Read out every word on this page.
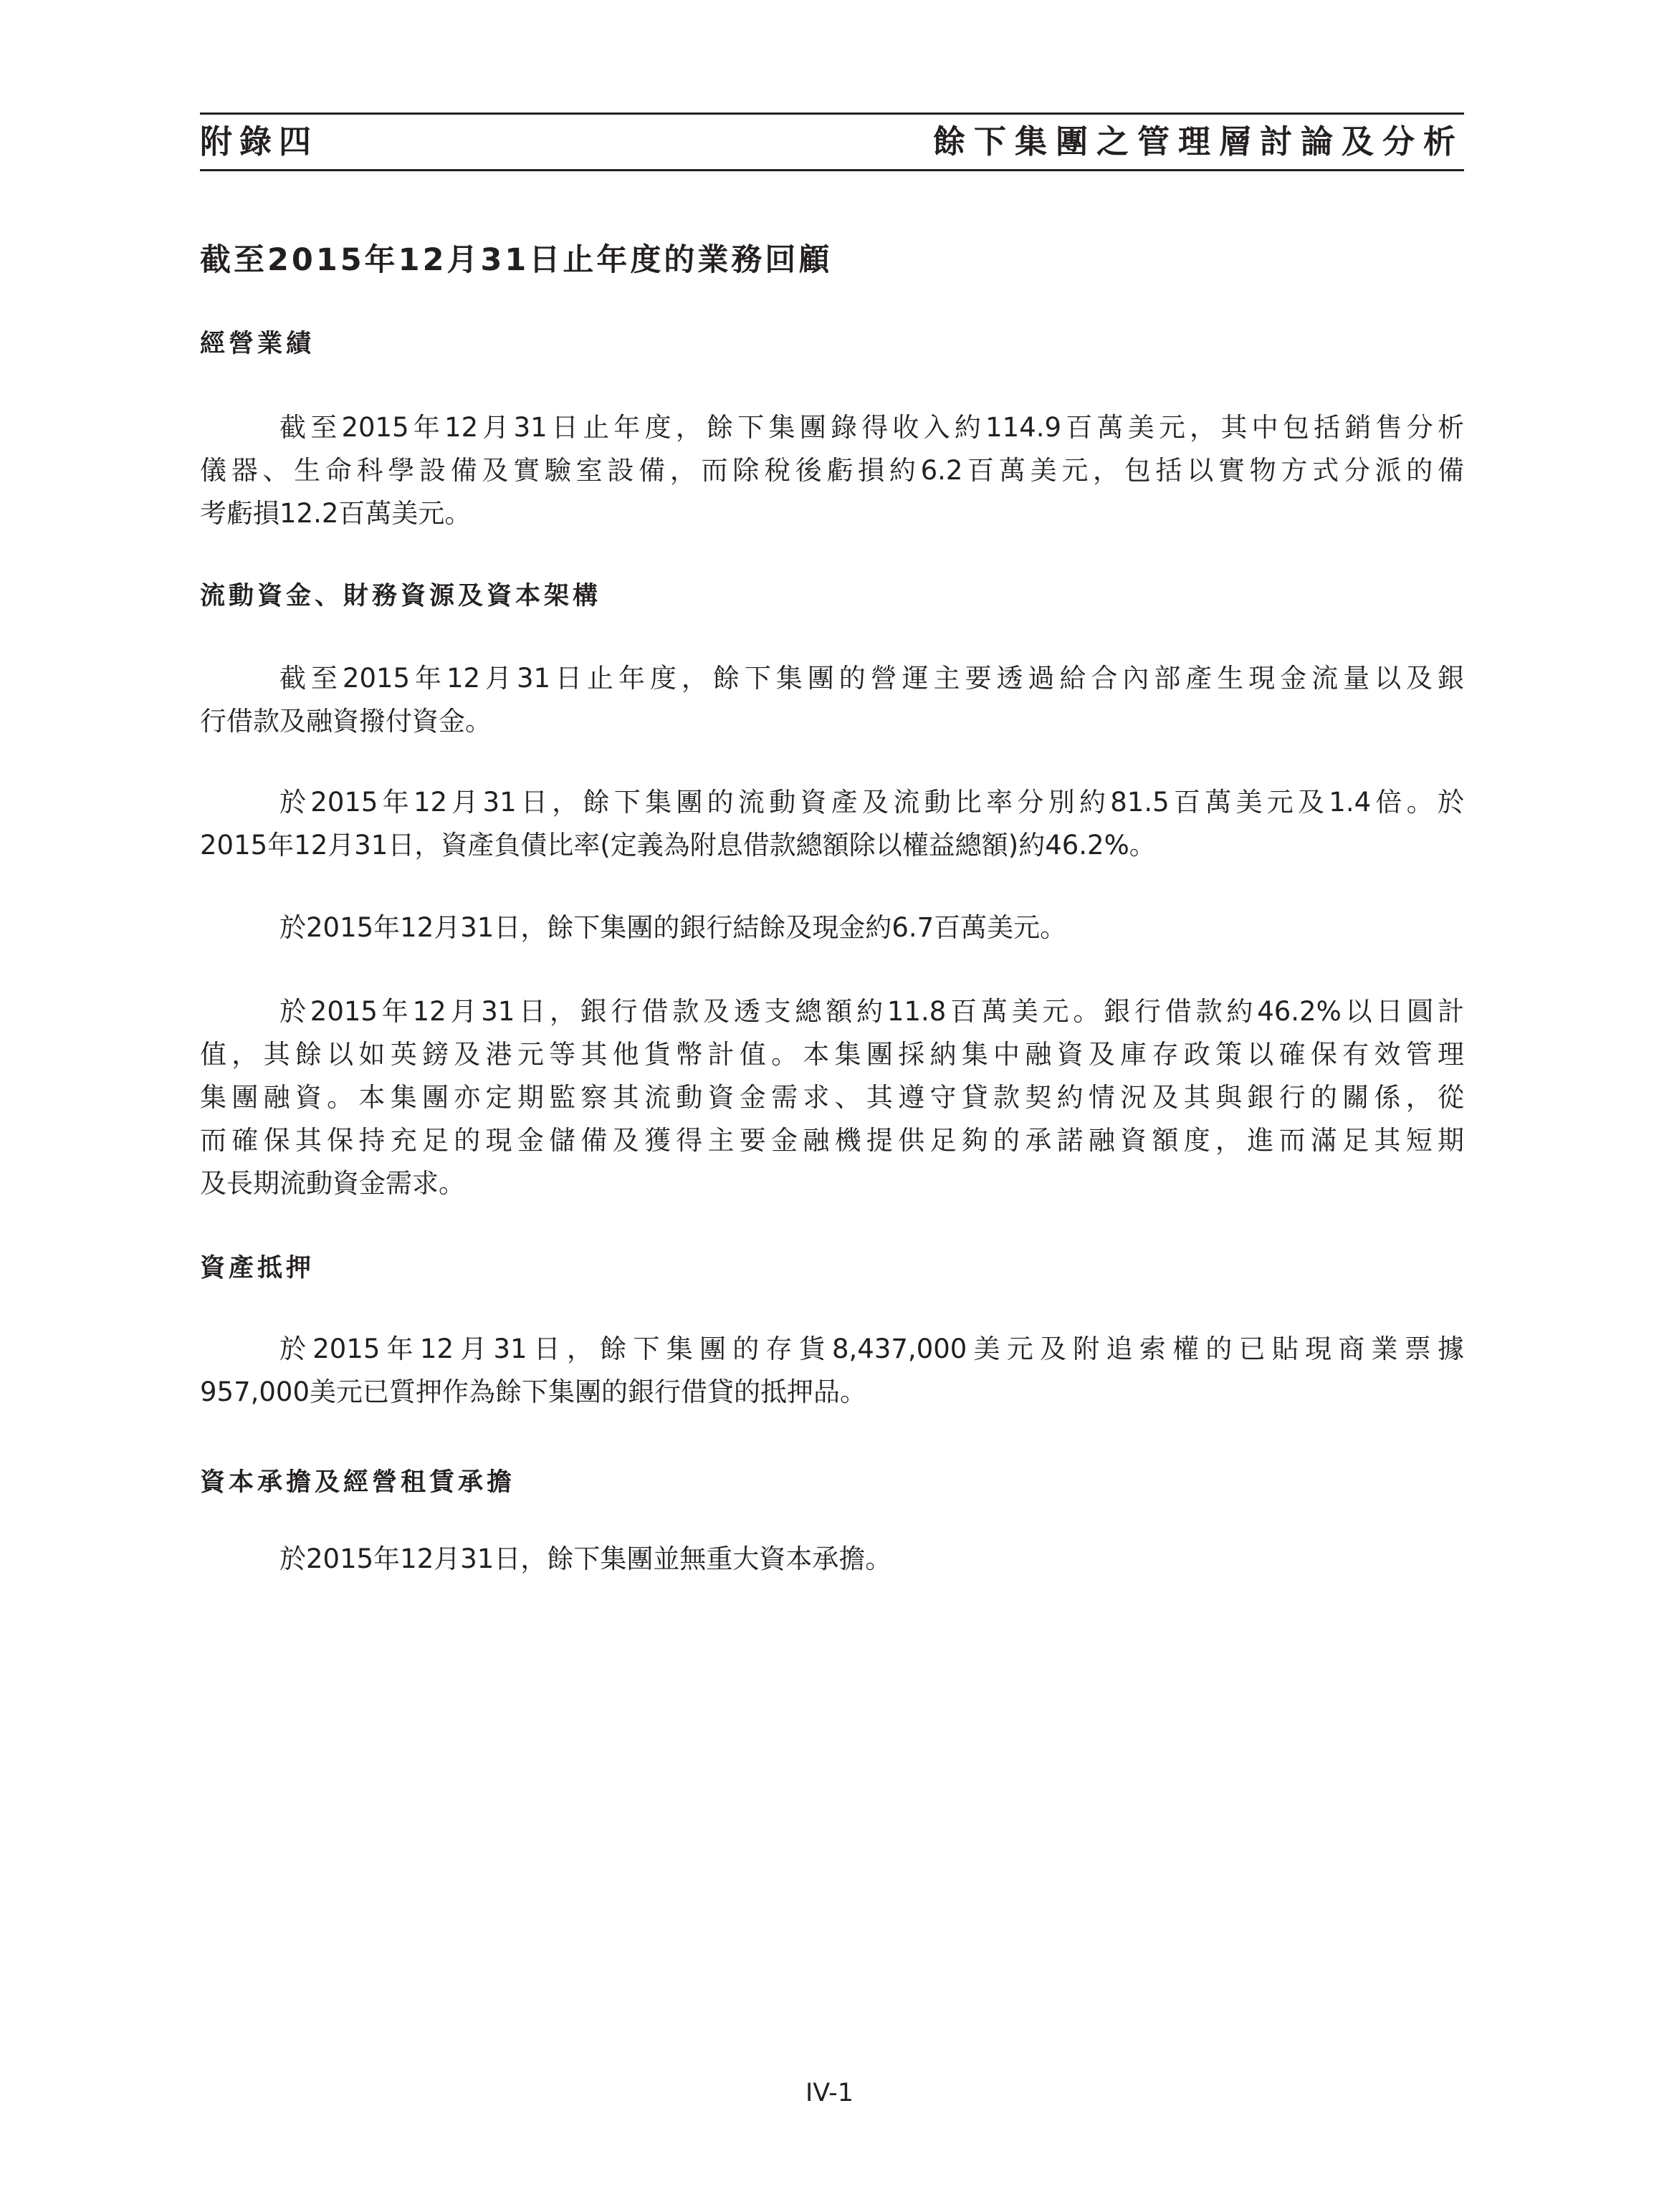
附錄四	餘下集團之管理層討論及分析
截至2015年12月31日止年度的業務回顧
經營業績
截至2015年12月31日止年度，餘下集團錄得收入約114.9百萬美元，其中包括銷售分析
儀器、生命科學設備及實驗室設備，而除稅後虧損約6.2百萬美元，包括以實物方式分派的備
考虧損12.2百萬美元。
流動資金、財務資源及資本架構
截至2015年12月31日止年度，餘下集團的營運主要透過給合內部產生現金流量以及銀
行借款及融資撥付資金。
於2015年12月31日，餘下集團的流動資產及流動比率分別約81.5百萬美元及1.4倍。於
2015年12月31日，資產負債比率(定義為附息借款總額除以權益總額)約46.2%。
於2015年12月31日，餘下集團的銀行結餘及現金約6.7百萬美元。
於2015年12月31日，銀行借款及透支總額約11.8百萬美元。銀行借款約46.2%以日圓計
值，其餘以如英鎊及港元等其他貨幣計值。本集團採納集中融資及庫存政策以確保有效管理
集團融資。本集團亦定期監察其流動資金需求、其遵守貸款契約情況及其與銀行的關係，從
而確保其保持充足的現金儲備及獲得主要金融機提供足夠的承諾融資額度，進而滿足其短期
及長期流動資金需求。
資產抵押
於2015年12月31日，餘下集團的存貨8,437,000美元及附追索權的已貼現商業票據
957,000美元已質押作為餘下集團的銀行借貸的抵押品。
資本承擔及經營租賃承擔
於2015年12月31日，餘下集團並無重大資本承擔。
IV-1
